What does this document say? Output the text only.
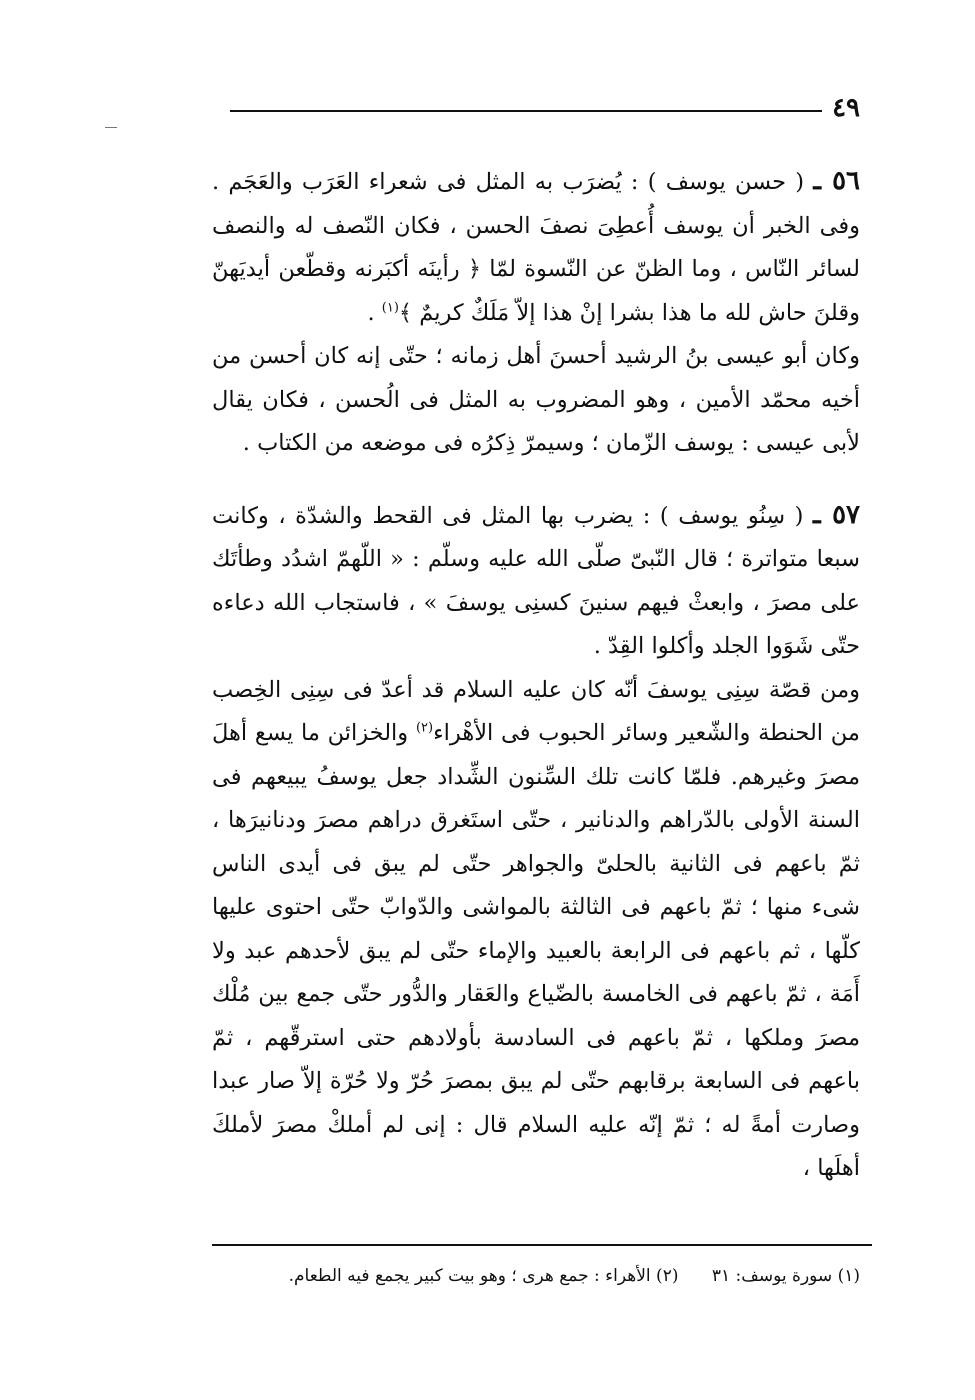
٤٩

٥٦ ـ ( حسن يوسف ) : يُضرَب به المثل فى شعراء العَرَب والعَجَم . وفى الخبر أن يوسف أُعطِىَ نصفَ الحسن ، فكان النّصف له والنصف لسائر النّاس ، وما الظنّ عن النّسوة لمّا ﴿ رأينَه أكبَرنه وقطّعن أيديَهنّ وقلنَ حاش لله ما هذا بشرا إنْ هذا إلاّ مَلَكٌ كريمٌ ﴾$^{(١)}$ .

وكان أبو عيسى بنُ الرشيد أحسنَ أهل زمانه ؛ حتّى إنه كان أحسن من أخيه محمّد الأمين ، وهو المضروب به المثل فى الُحسن ، فكان يقال لأبى عيسى : يوسف الزّمان ؛ وسيمرّ ذِكرُه فى موضعه من الكتاب .

٥٧ ـ ( سِنُو يوسف ) : يضرب بها المثل فى القحط والشدّة ، وكانت سبعا متواترة ؛ قال النّبىّ صلّى الله عليه وسلّم : « اللّهمّ اشدُد وطأتَك على مصرَ ، وابعثْ فيهم سنينَ كسنِى يوسفَ » ، فاستجاب الله دعاءه حتّى شَوَوا الجلد وأكلوا القِدّ .

ومن قصّة سِنِى يوسفَ أنّه كان عليه السلام قد أعدّ فى سِنِى الخِصب من الحنطة والشّعير وسائر الحبوب فى الأهْراء$^{(٢)}$ والخزائن ما يسع أهلَ مصرَ وغيرهم. فلمّا كانت تلك السِّنون الشِّداد جعل يوسفُ يبيعهم فى السنة الأولى بالدّراهم والدنانير ، حتّى استَغرق دراهم مصرَ ودنانيرَها ، ثمّ باعهم فى الثانية بالحلىّ والجواهر حتّى لم يبق فى أيدى الناس شىء منها ؛ ثمّ باعهم فى الثالثة بالمواشى والدّوابّ حتّى احتوى عليها كلّها ، ثم باعهم فى الرابعة بالعبيد والإماء حتّى لم يبق لأحدهم عبد ولا أَمَة ، ثمّ باعهم فى الخامسة بالضّياع والعَقار والدُّور حتّى جمع بين مُلْك مصرَ وملكها ، ثمّ باعهم فى السادسة بأولادهم حتى استرقّهم ، ثمّ باعهم فى السابعة برقابهم حتّى لم يبق بمصرَ حُرّ ولا حُرّة إلاّ صار عبدا وصارت أمةً له ؛ ثمّ إنّه عليه السلام قال : إنى لم أملكْ مصرَ لأملكَ أهلَها ،

(١) سورة يوسف: ٣١ (٢) الأهراء : جمع هرى ؛ وهو بيت كبير يجمع فيه الطعام.
